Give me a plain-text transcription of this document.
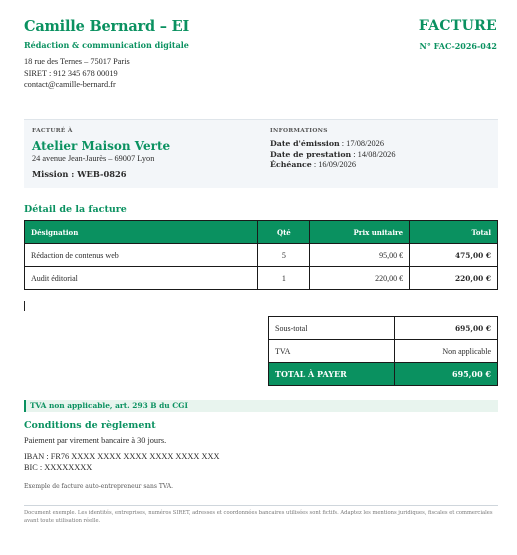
Camille Bernard – EI
Rédaction & communication digitale
18 rue des Ternes – 75017 Paris
SIRET : 912 345 678 00019
contact@camille-bernard.fr
FACTURE
N° FAC-2026-042
FACTURÉ À
Atelier Maison Verte
24 avenue Jean-Jaurès – 69007 Lyon
Mission : WEB-0826
INFORMATIONS
Date d'émission : 17/08/2026
Date de prestation : 14/08/2026
Échéance : 16/09/2026
Détail de la facture
Désignation	Qté	Prix unitaire	Total
Rédaction de contenus web	5	95,00 €	475,00 €
Audit éditorial	1	220,00 €	220,00 €
Sous-total	695,00 €
TVA	Non applicable
TOTAL À PAYER	695,00 €
TVA non applicable, art. 293 B du CGI
Conditions de règlement
Paiement par virement bancaire à 30 jours.
IBAN : FR76 XXXX XXXX XXXX XXXX XXXX XXX
BIC : XXXXXXXX
Exemple de facture auto-entrepreneur sans TVA.
Document exemple. Les identités, entreprises, numéros SIRET, adresses et coordonnées bancaires utilisées sont fictifs. Adaptez les mentions juridiques, fiscales et commerciales avant toute utilisation réelle.
